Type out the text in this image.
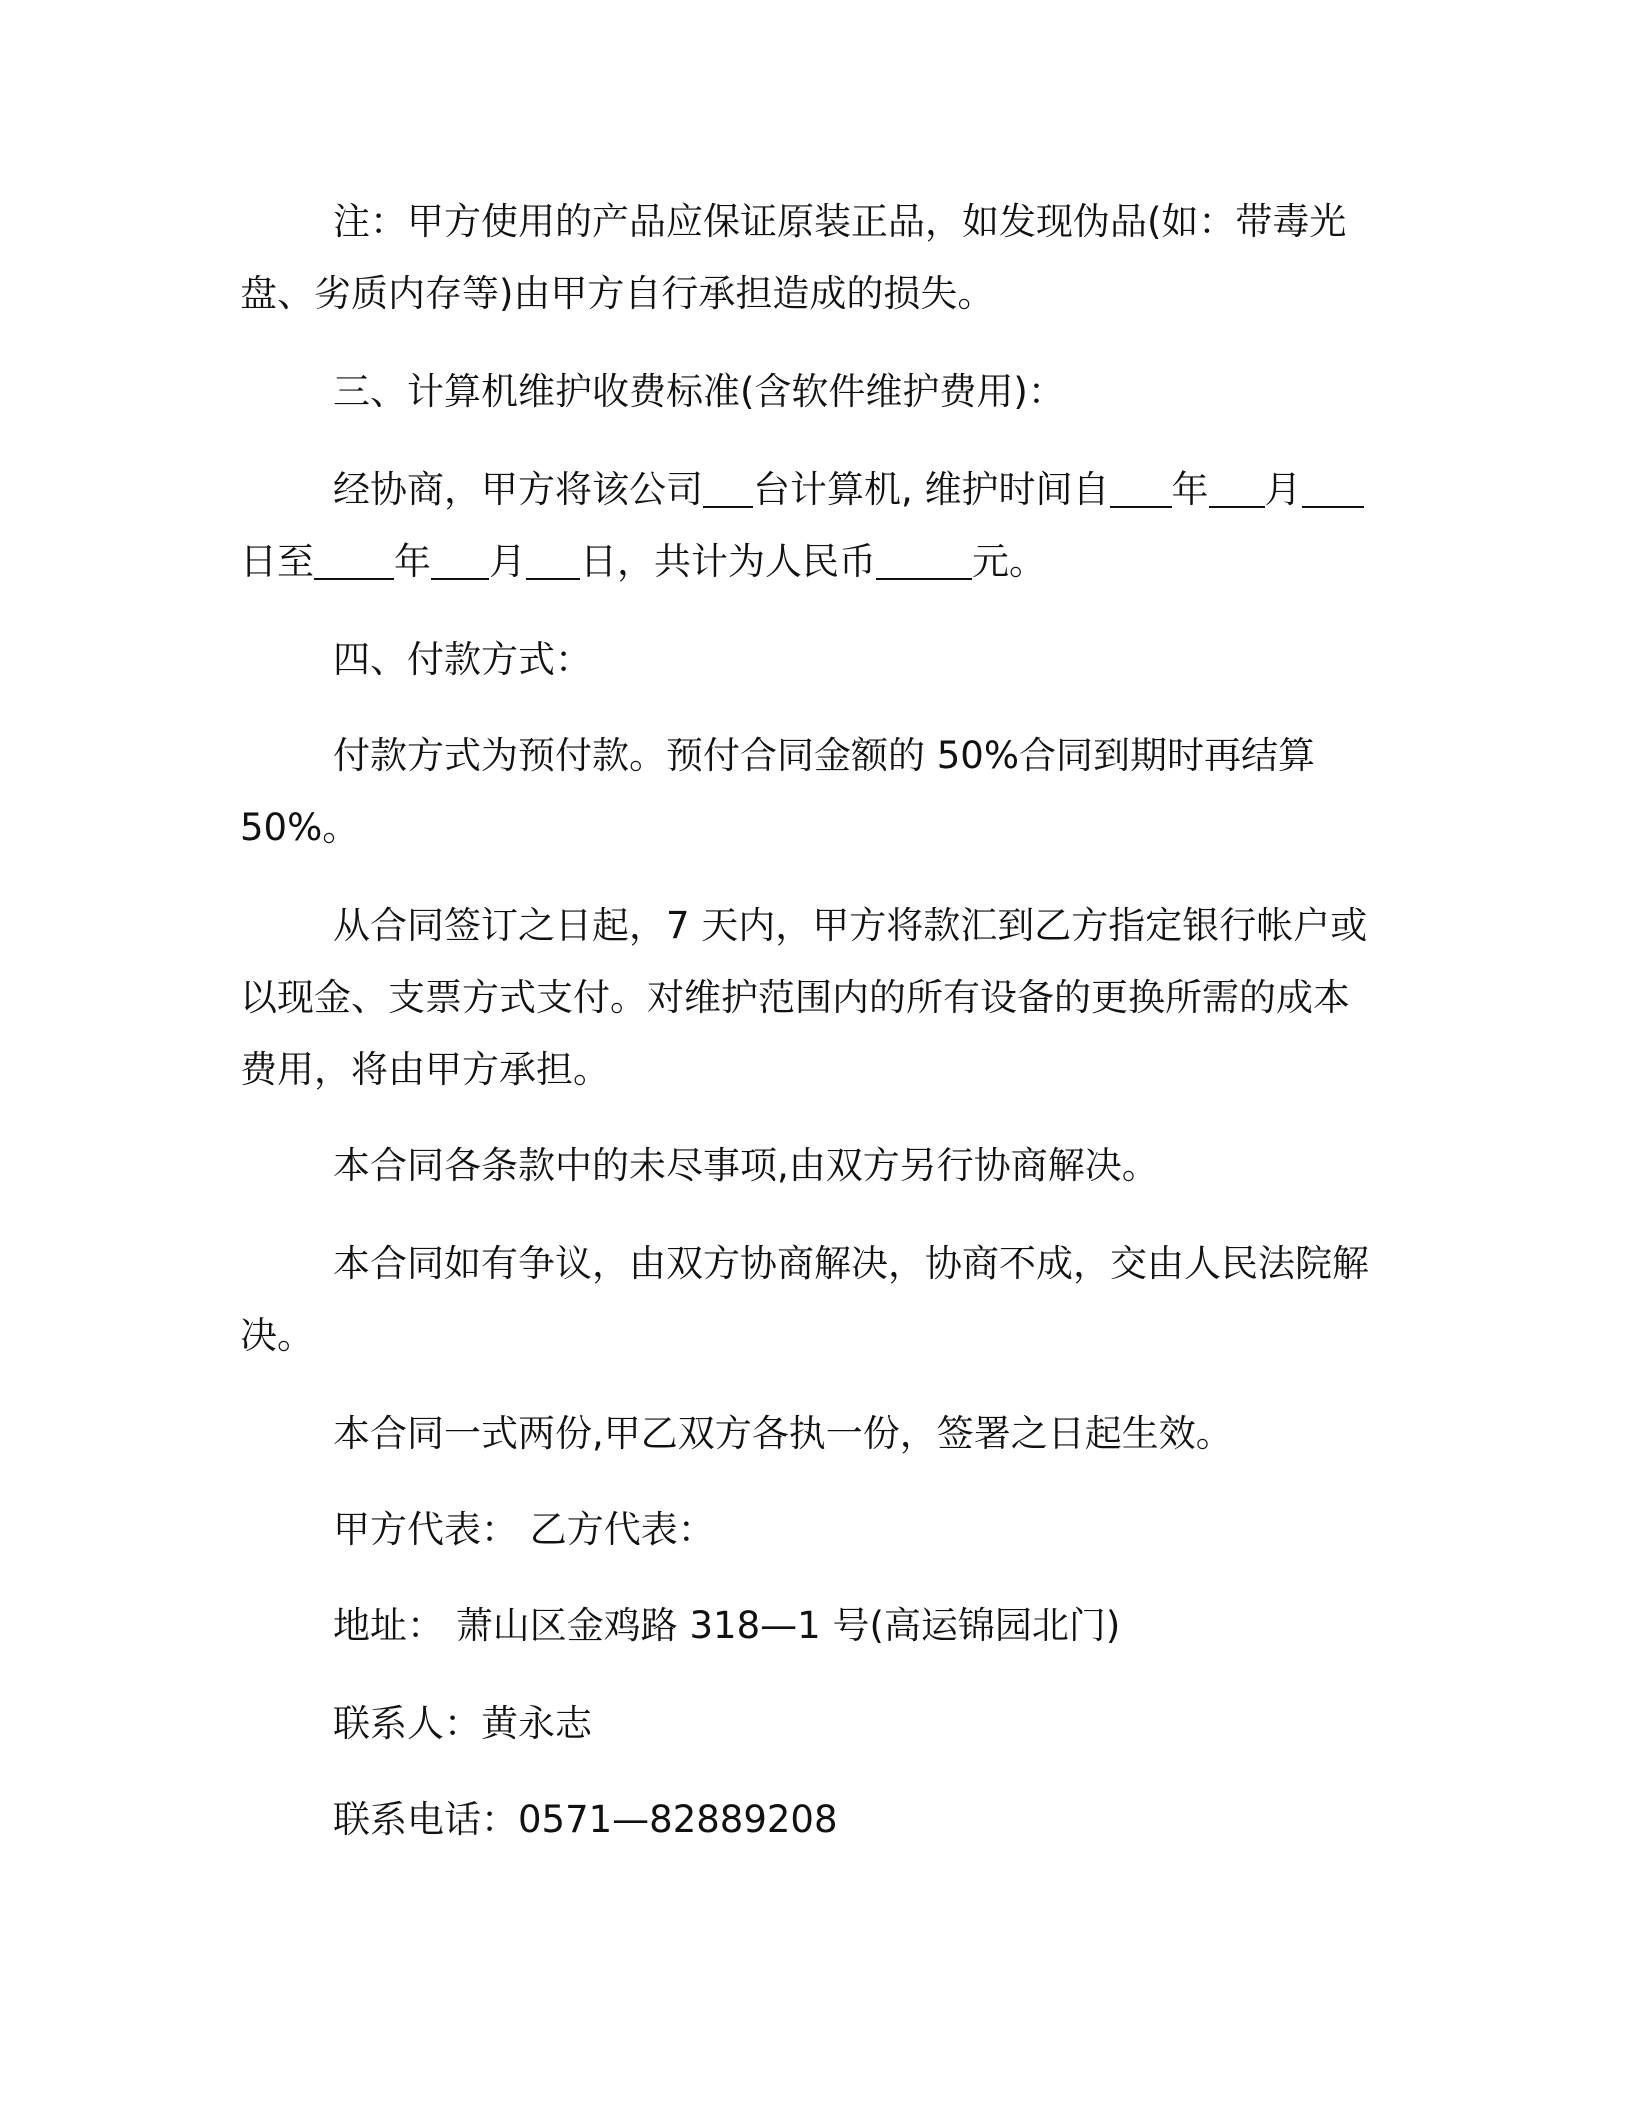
注：甲方使用的产品应保证原装正品，如发现伪品(如：带毒光
盘、劣质内存等)由甲方自行承担造成的损失。
三、计算机维护收费标准(含软件维护费用)：
经协商，甲方将该公司 台计算机, 维护时间自 年 月
日至 年 月 日，共计为人民币	元。
四、付款方式：
付款方式为预付款。预付合同金额的 50%合同到期时再结算
50%。
从合同签订之日起，7 天内，甲方将款汇到乙方指定银行帐户或
以现金、支票方式支付。对维护范围内的所有设备的更换所需的成本
费用，将由甲方承担。
本合同各条款中的未尽事项,由双方另行协商解决。
本合同如有争议，由双方协商解决，协商不成，交由人民法院解
决。
本合同一式两份,甲乙双方各执一份，签署之日起生效。
甲方代表： 乙方代表：
地址： 萧山区金鸡路 318—1 号(高运锦园北门)
联系人：黄永志
联系电话：0571—82889208
